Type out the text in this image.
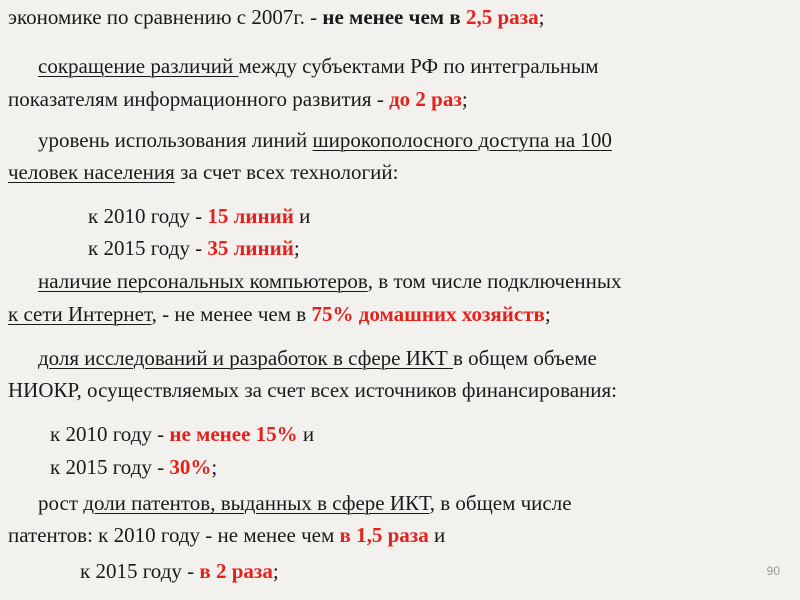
экономике по сравнению с 2007г. - не менее чем в 2,5 раза;
сокращение различий между субъектами РФ по интегральным
показателям информационного развития - до 2 раз;
уровень использования линий широкополосного доступа на 100
человек населения за счет всех технологий:
к 2010 году - 15 линий и
к 2015 году - 35 линий;
наличие персональных компьютеров, в том числе подключенных
к сети Интернет, - не менее чем в 75% домашних хозяйств;
доля исследований и разработок в сфере ИКТ в общем объеме
НИОКР, осуществляемых за счет всех источников финансирования:
к 2010 году - не менее 15% и
к 2015 году - 30%;
рост доли патентов, выданных в сфере ИКТ, в общем числе
патентов: к 2010 году - не менее чем в 1,5 раза и
к 2015 году - в 2 раза;	90
